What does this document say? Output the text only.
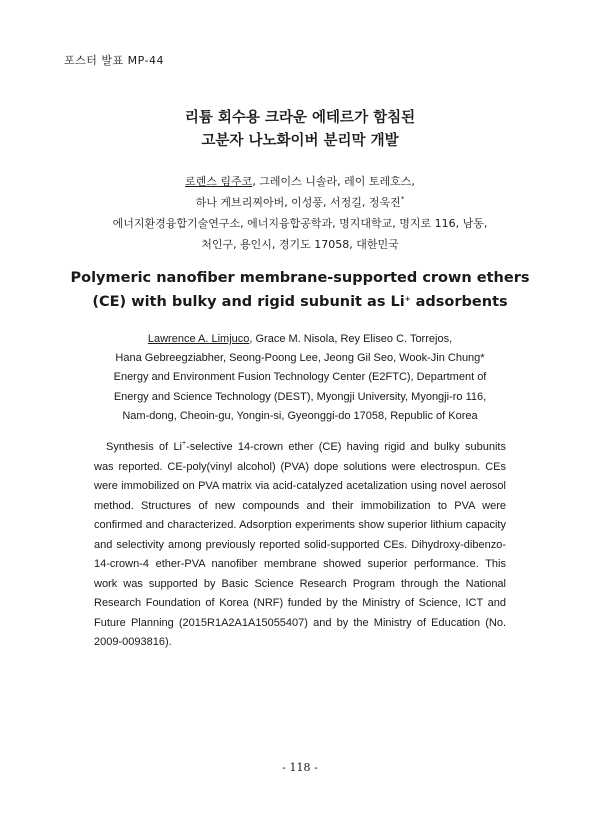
포스터 발표 MP-44
리튬 회수용 크라운 에테르가 함침된
고분자 나노화이버 분리막 개발
로렌스 림주코, 그레이스 니솔라, 레이 토레호스,
하나 게브리찌아버, 이성풍, 서정길, 정욱진*
에너지환경융합기술연구소, 에너지융합공학과, 명지대학교, 명지로 116, 남동,
처인구, 용인시, 경기도 17058, 대한민국
Polymeric nanofiber membrane-supported crown ethers
(CE) with bulky and rigid subunit as Li+ adsorbents
Lawrence A. Limjuco, Grace M. Nisola, Rey Eliseo C. Torrejos,
Hana Gebreegziabher, Seong-Poong Lee, Jeong Gil Seo, Wook-Jin Chung*
Energy and Environment Fusion Technology Center (E2FTC), Department of
Energy and Science Technology (DEST), Myongji University, Myongji-ro 116,
Nam-dong, Cheoin-gu, Yongin-si, Gyeonggi-do 17058, Republic of Korea

Synthesis of Li+-selective 14-crown ether (CE) having rigid and bulky subunits was reported. CE-poly(vinyl alcohol) (PVA) dope solutions were electrospun. CEs were immobilized on PVA matrix via acid-catalyzed acetalization using novel aerosol method. Structures of new compounds and their immobilization to PVA were confirmed and characterized. Adsorption experiments show superior lithium capacity and selectivity among previously reported solid-supported CEs. Dihydroxy-dibenzo-14-crown-4 ether-PVA nanofiber membrane showed superior performance. This work was supported by Basic Science Research Program through the National Research Foundation of Korea (NRF) funded by the Ministry of Science, ICT and Future Planning (2015R1A2A1A15055407) and by the Ministry of Education (No. 2009-0093816).

- 118 -
